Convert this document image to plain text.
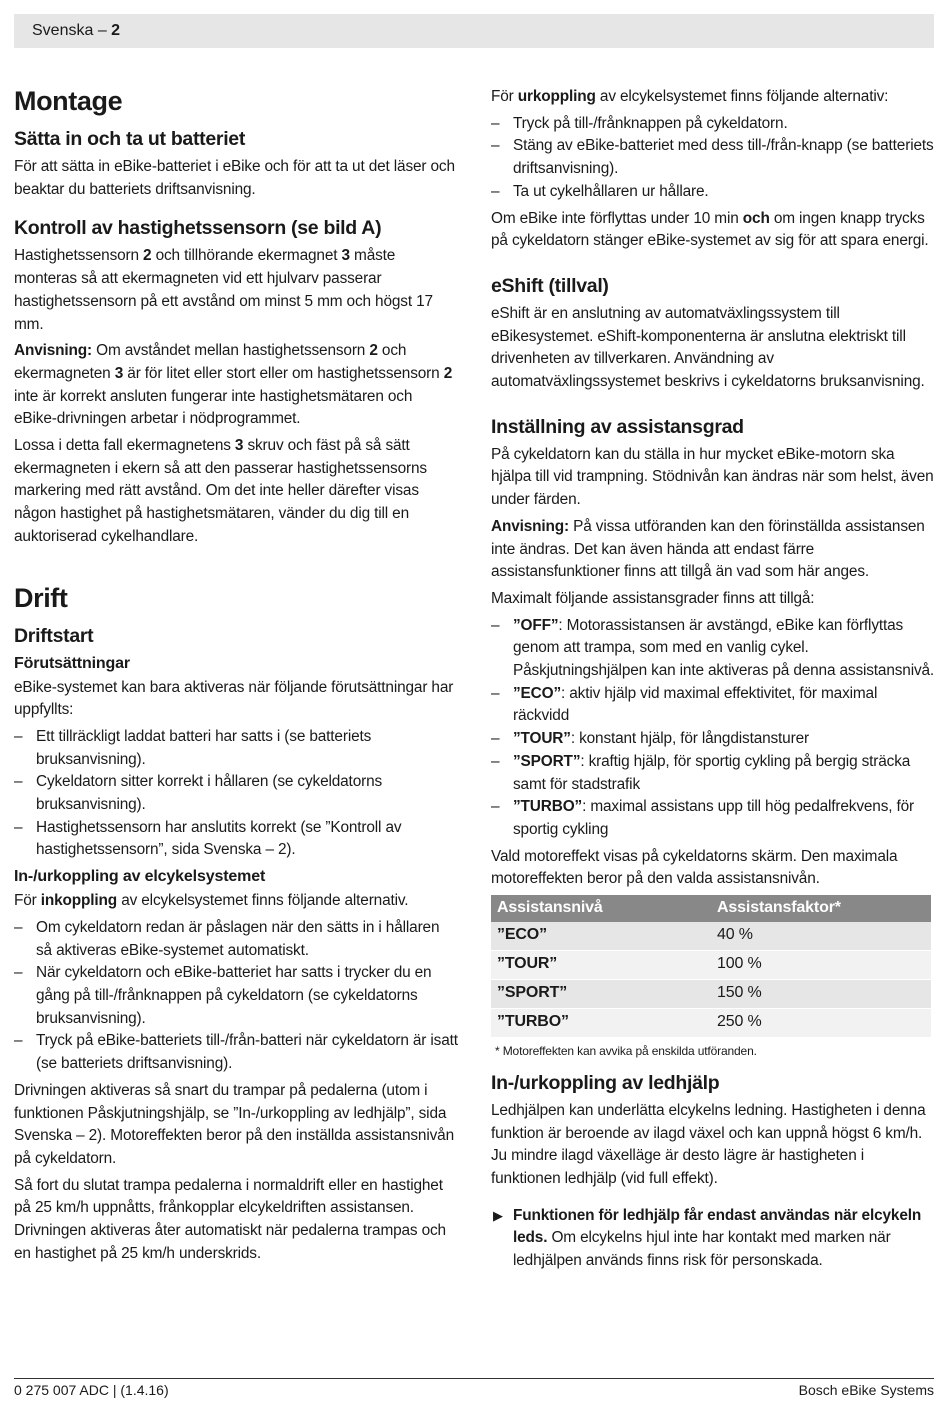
Svenska – 2
Montage
Sätta in och ta ut batteriet

För att sätta in eBike-batteriet i eBike och för att ta ut det läser och beaktar du batteriets driftsanvisning.

Kontroll av hastighetssensorn (se bild A)

Hastighetssensorn 2 och tillhörande ekermagnet 3 måste monteras så att ekermagneten vid ett hjulvarv passerar hastighetssensorn på ett avstånd om minst 5 mm och högst 17 mm.

Anvisning: Om avståndet mellan hastighetssensorn 2 och ekermagneten 3 är för litet eller stort eller om hastighetssensorn 2 inte är korrekt ansluten fungerar inte hastighetsmätaren och eBike-drivningen arbetar i nödprogrammet.

Lossa i detta fall ekermagnetens 3 skruv och fäst på så sätt ekermagneten i ekern så att den passerar hastighetssensorns markering med rätt avstånd. Om det inte heller därefter visas någon hastighet på hastighetsmätaren, vänder du dig till en auktoriserad cykelhandlare.

Drift
Driftstart
Förutsättningar

eBike-systemet kan bara aktiveras när följande förutsättningar har uppfyllts:

– Ett tillräckligt laddat batteri har satts i (se batteriets bruksanvisning).
– Cykeldatorn sitter korrekt i hållaren (se cykeldatorns bruksanvisning).
– Hastighetssensorn har anslutits korrekt (se ”Kontroll av hastighetssensorn”, sida Svenska – 2).
In-/urkoppling av elcykelsystemet

För inkoppling av elcykelsystemet finns följande alternativ.

– Om cykeldatorn redan är påslagen när den sätts in i hållaren så aktiveras eBike-systemet automatiskt.
– När cykeldatorn och eBike-batteriet har satts i trycker du en gång på till-/frånknappen på cykeldatorn (se cykeldatorns bruksanvisning).
– Tryck på eBike-batteriets till-/från-batteri när cykeldatorn är isatt (se batteriets driftsanvisning).

Drivningen aktiveras så snart du trampar på pedalerna (utom i funktionen Påskjutningshjälp, se ”In-/urkoppling av ledhjälp”, sida Svenska – 2). Motoreffekten beror på den inställda assistansnivån på cykeldatorn.

Så fort du slutat trampa pedalerna i normaldrift eller en hastighet på 25 km/h uppnåtts, frånkopplar elcykeldriften assistansen. Drivningen aktiveras åter automatiskt när pedalerna trampas och en hastighet på 25 km/h underskrids.

För urkoppling av elcykelsystemet finns följande alternativ:

– Tryck på till-/frånknappen på cykeldatorn.
– Stäng av eBike-batteriet med dess till-/från-knapp (se batteriets driftsanvisning).
– Ta ut cykelhållaren ur hållare.

Om eBike inte förflyttas under 10 min och om ingen knapp trycks på cykeldatorn stänger eBike-systemet av sig för att spara energi.

eShift (tillval)

eShift är en anslutning av automatväxlingssystem till eBikesystemet. eShift-komponenterna är anslutna elektriskt till drivenheten av tillverkaren. Användning av automatväxlingssystemet beskrivs i cykeldatorns bruksanvisning.

Inställning av assistansgrad

På cykeldatorn kan du ställa in hur mycket eBike-motorn ska hjälpa till vid trampning. Stödnivån kan ändras när som helst, även under färden.

Anvisning: På vissa utföranden kan den förinställda assistansen inte ändras. Det kan även hända att endast färre assistansfunktioner finns att tillgå än vad som här anges.

Maximalt följande assistansgrader finns att tillgå:

– ”OFF”: Motorassistansen är avstängd, eBike kan förflyttas genom att trampa, som med en vanlig cykel. Påskjutningshjälpen kan inte aktiveras på denna assistansnivå.
– ”ECO”: aktiv hjälp vid maximal effektivitet, för maximal räckvidd
– ”TOUR”: konstant hjälp, för långdistansturer
– ”SPORT”: kraftig hjälp, för sportig cykling på bergig sträcka samt för stadstrafik
– ”TURBO”: maximal assistans upp till hög pedalfrekvens, för sportig cykling

Vald motoreffekt visas på cykeldatorns skärm. Den maximala motoreffekten beror på den valda assistansnivån.

Assistansnivå	Assistansfaktor*
”ECO”	40 %
”TOUR”	100 %
”SPORT”	150 %
”TURBO”	250 %
* Motoreffekten kan avvika på enskilda utföranden.
In-/urkoppling av ledhjälp

Ledhjälpen kan underlätta elcykelns ledning. Hastigheten i denna funktion är beroende av ilagd växel och kan uppnå högst 6 km/h. Ju mindre ilagd växelläge är desto lägre är hastigheten i funktionen ledhjälp (vid full effekt).

▶ Funktionen för ledhjälp får endast användas när elcykeln leds. Om elcykelns hjul inte har kontakt med marken när ledhjälpen används finns risk för personskada.

0 275 007 ADC | (1.4.16)	Bosch eBike Systems
